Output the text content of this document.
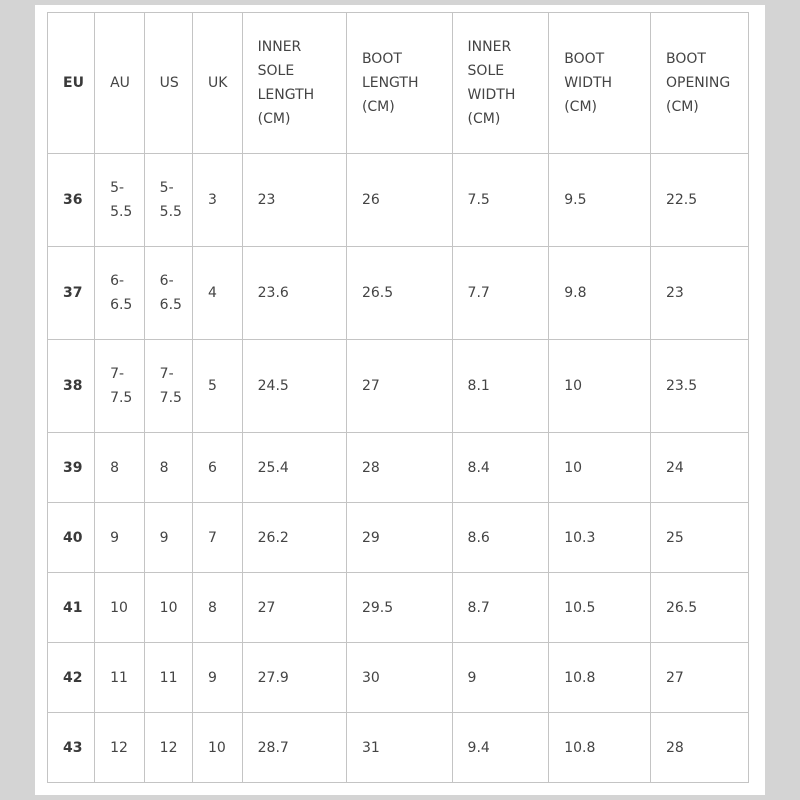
EU	AU	US	UK	INNER
SOLE
LENGTH
(CM)	BOOT
LENGTH
(CM)	INNER
SOLE
WIDTH
(CM)	BOOT
WIDTH
(CM)	BOOT
OPENING
(CM)

36	5-
5.5	5-
5.5	3	23	26	7.5	9.5	22.5

37	6-
6.5	6-
6.5	4	23.6	26.5	7.7	9.8	23

38	7-
7.5	7-
7.5	5	24.5	27	8.1	10	23.5

39	8	8	6	25.4	28	8.4	10	24

40	9	9	7	26.2	29	8.6	10.3	25

41	10	10	8	27	29.5	8.7	10.5	26.5

42	11	11	9	27.9	30	9	10.8	27

43	12	12	10	28.7	31	9.4	10.8	28
